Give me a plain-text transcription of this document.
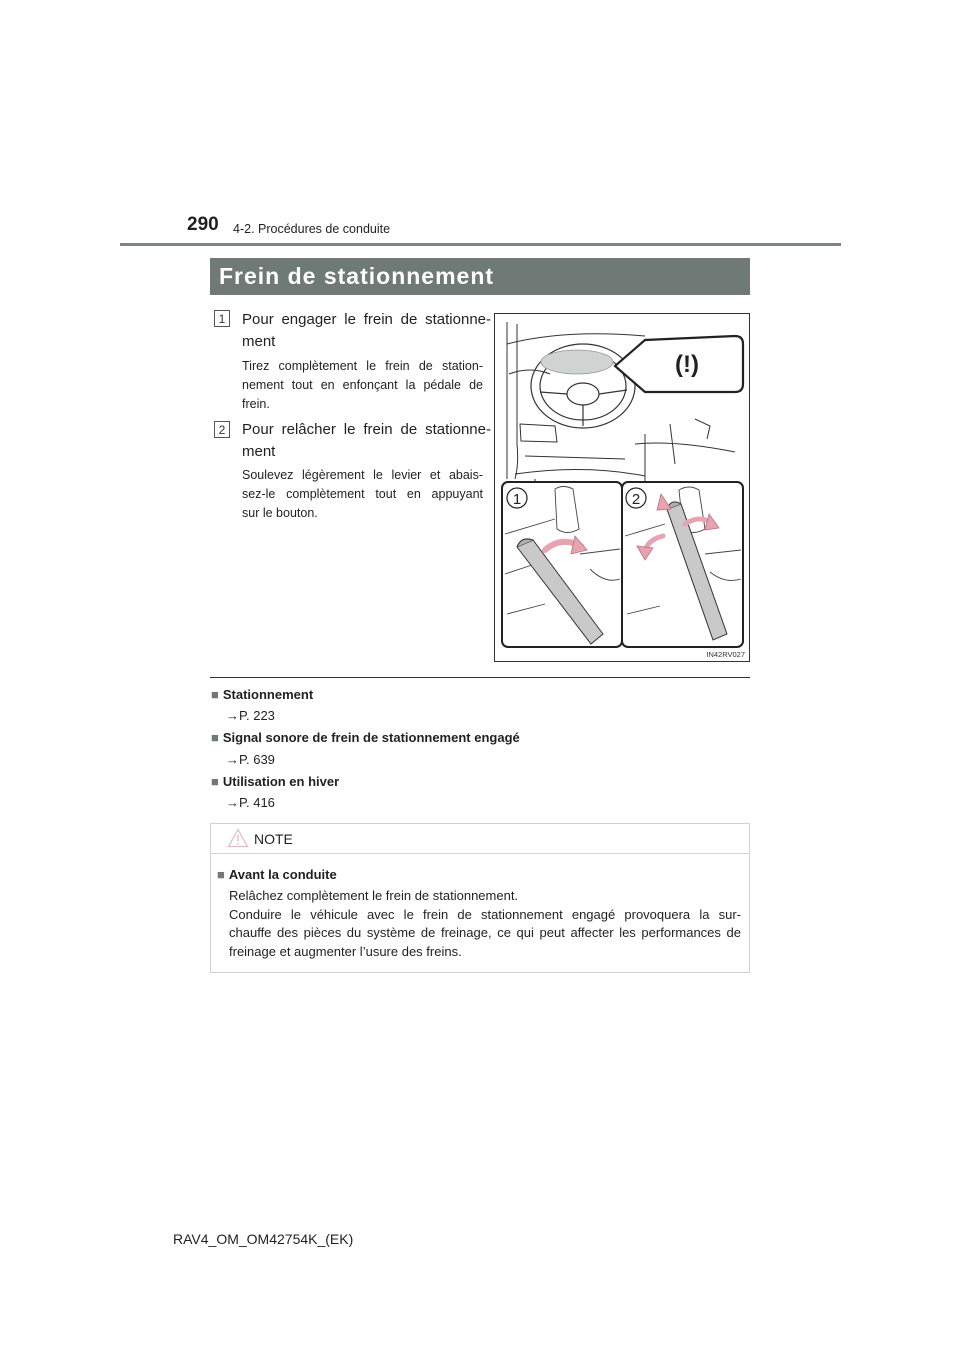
290 4-2. Procédures de conduite
Frein de stationnement
1	Pour engager le frein de stationne-
ment
Tirez complètement le frein de station-
nement tout en enfonçant la pédale de
frein.
2	Pour relâcher le frein de stationne-
ment
Soulevez légèrement le levier et abais-
sez-le complètement tout en appuyant
sur le bouton.
(!)
1	2
IN42RV027
■ Stationnement
→P. 223
■ Signal sonore de frein de stationnement engagé
→P. 639
■ Utilisation en hiver
→P. 416
NOTE
■ Avant la conduite
Relâchez complètement le frein de stationnement.
Conduire le véhicule avec le frein de stationnement engagé provoquera la sur-
chauffe des pièces du système de freinage, ce qui peut affecter les performances de
freinage et augmenter l’usure des freins.
RAV4_OM_OM42754K_(EK)
